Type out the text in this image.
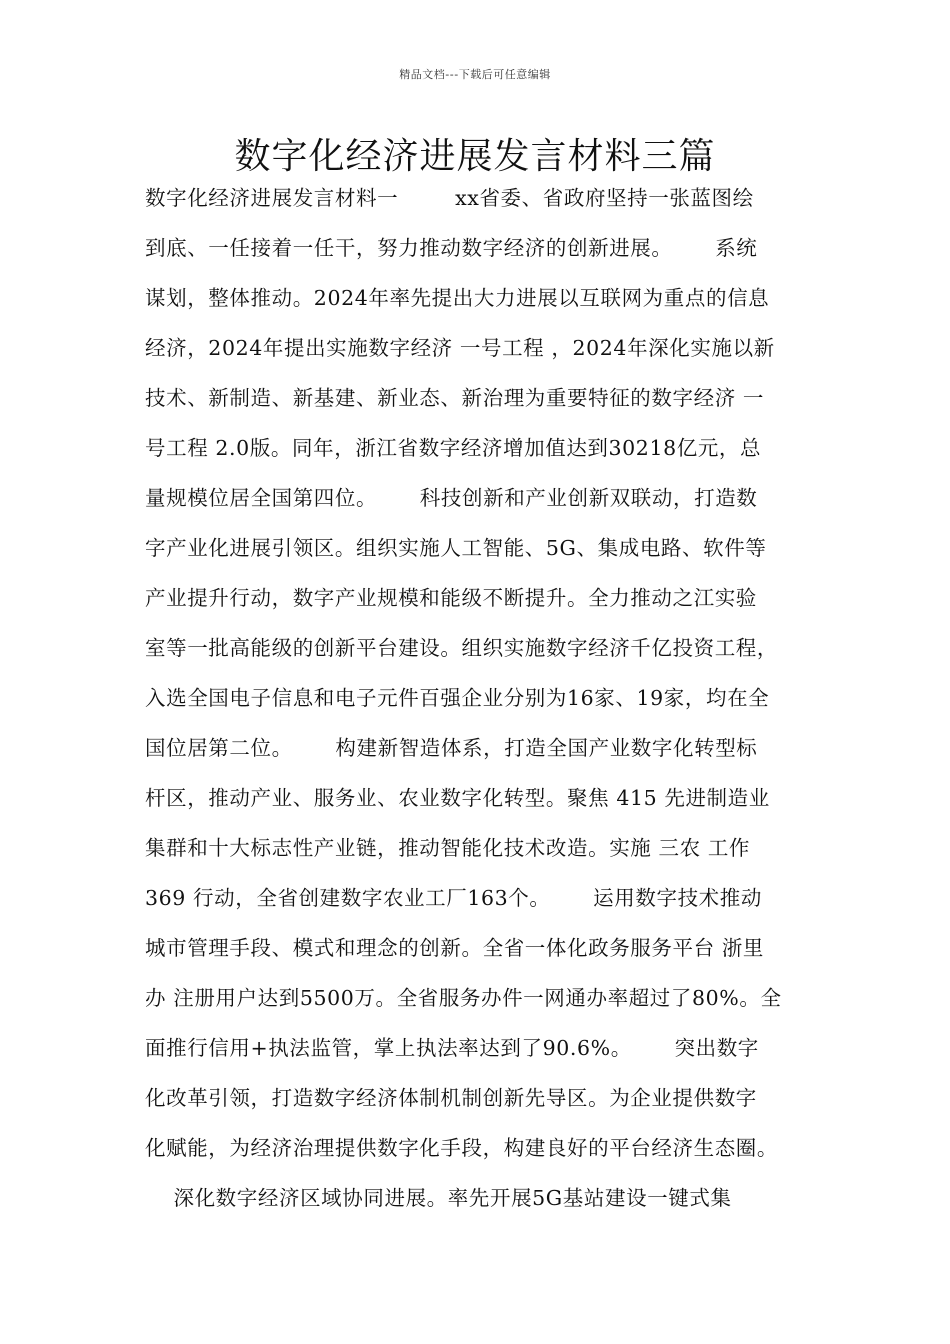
精品文档---下载后可任意编辑
数字化经济进展发言材料三篇
数字化经济进展发言材料一        xx省委、省政府坚持一张蓝图绘
到底、一任接着一任干，努力推动数字经济的创新进展。      系统
谋划，整体推动。2024年率先提出大力进展以互联网为重点的信息
经济，2024年提出实施数字经济 一号工程 ，2024年深化实施以新
技术、新制造、新基建、新业态、新治理为重要特征的数字经济 一
号工程 2.0版。同年，浙江省数字经济增加值达到30218亿元，总
量规模位居全国第四位。      科技创新和产业创新双联动，打造数
字产业化进展引领区。组织实施人工智能、5G、集成电路、软件等
产业提升行动，数字产业规模和能级不断提升。全力推动之江实验
室等一批高能级的创新平台建设。组织实施数字经济千亿投资工程，
入选全国电子信息和电子元件百强企业分别为16家、19家，均在全
国位居第二位。      构建新智造体系，打造全国产业数字化转型标
杆区，推动产业、服务业、农业数字化转型。聚焦 415 先进制造业
集群和十大标志性产业链，推动智能化技术改造。实施 三农 工作
369 行动，全省创建数字农业工厂163个。      运用数字技术推动
城市管理手段、模式和理念的创新。全省一体化政务服务平台 浙里
办 注册用户达到5500万。全省服务办件一网通办率超过了80%。全
面推行信用+执法监管，掌上执法率达到了90.6%。      突出数字
化改革引领，打造数字经济体制机制创新先导区。为企业提供数字
化赋能，为经济治理提供数字化手段，构建良好的平台经济生态圈。
深化数字经济区域协同进展。率先开展5G基站建设一键式集
